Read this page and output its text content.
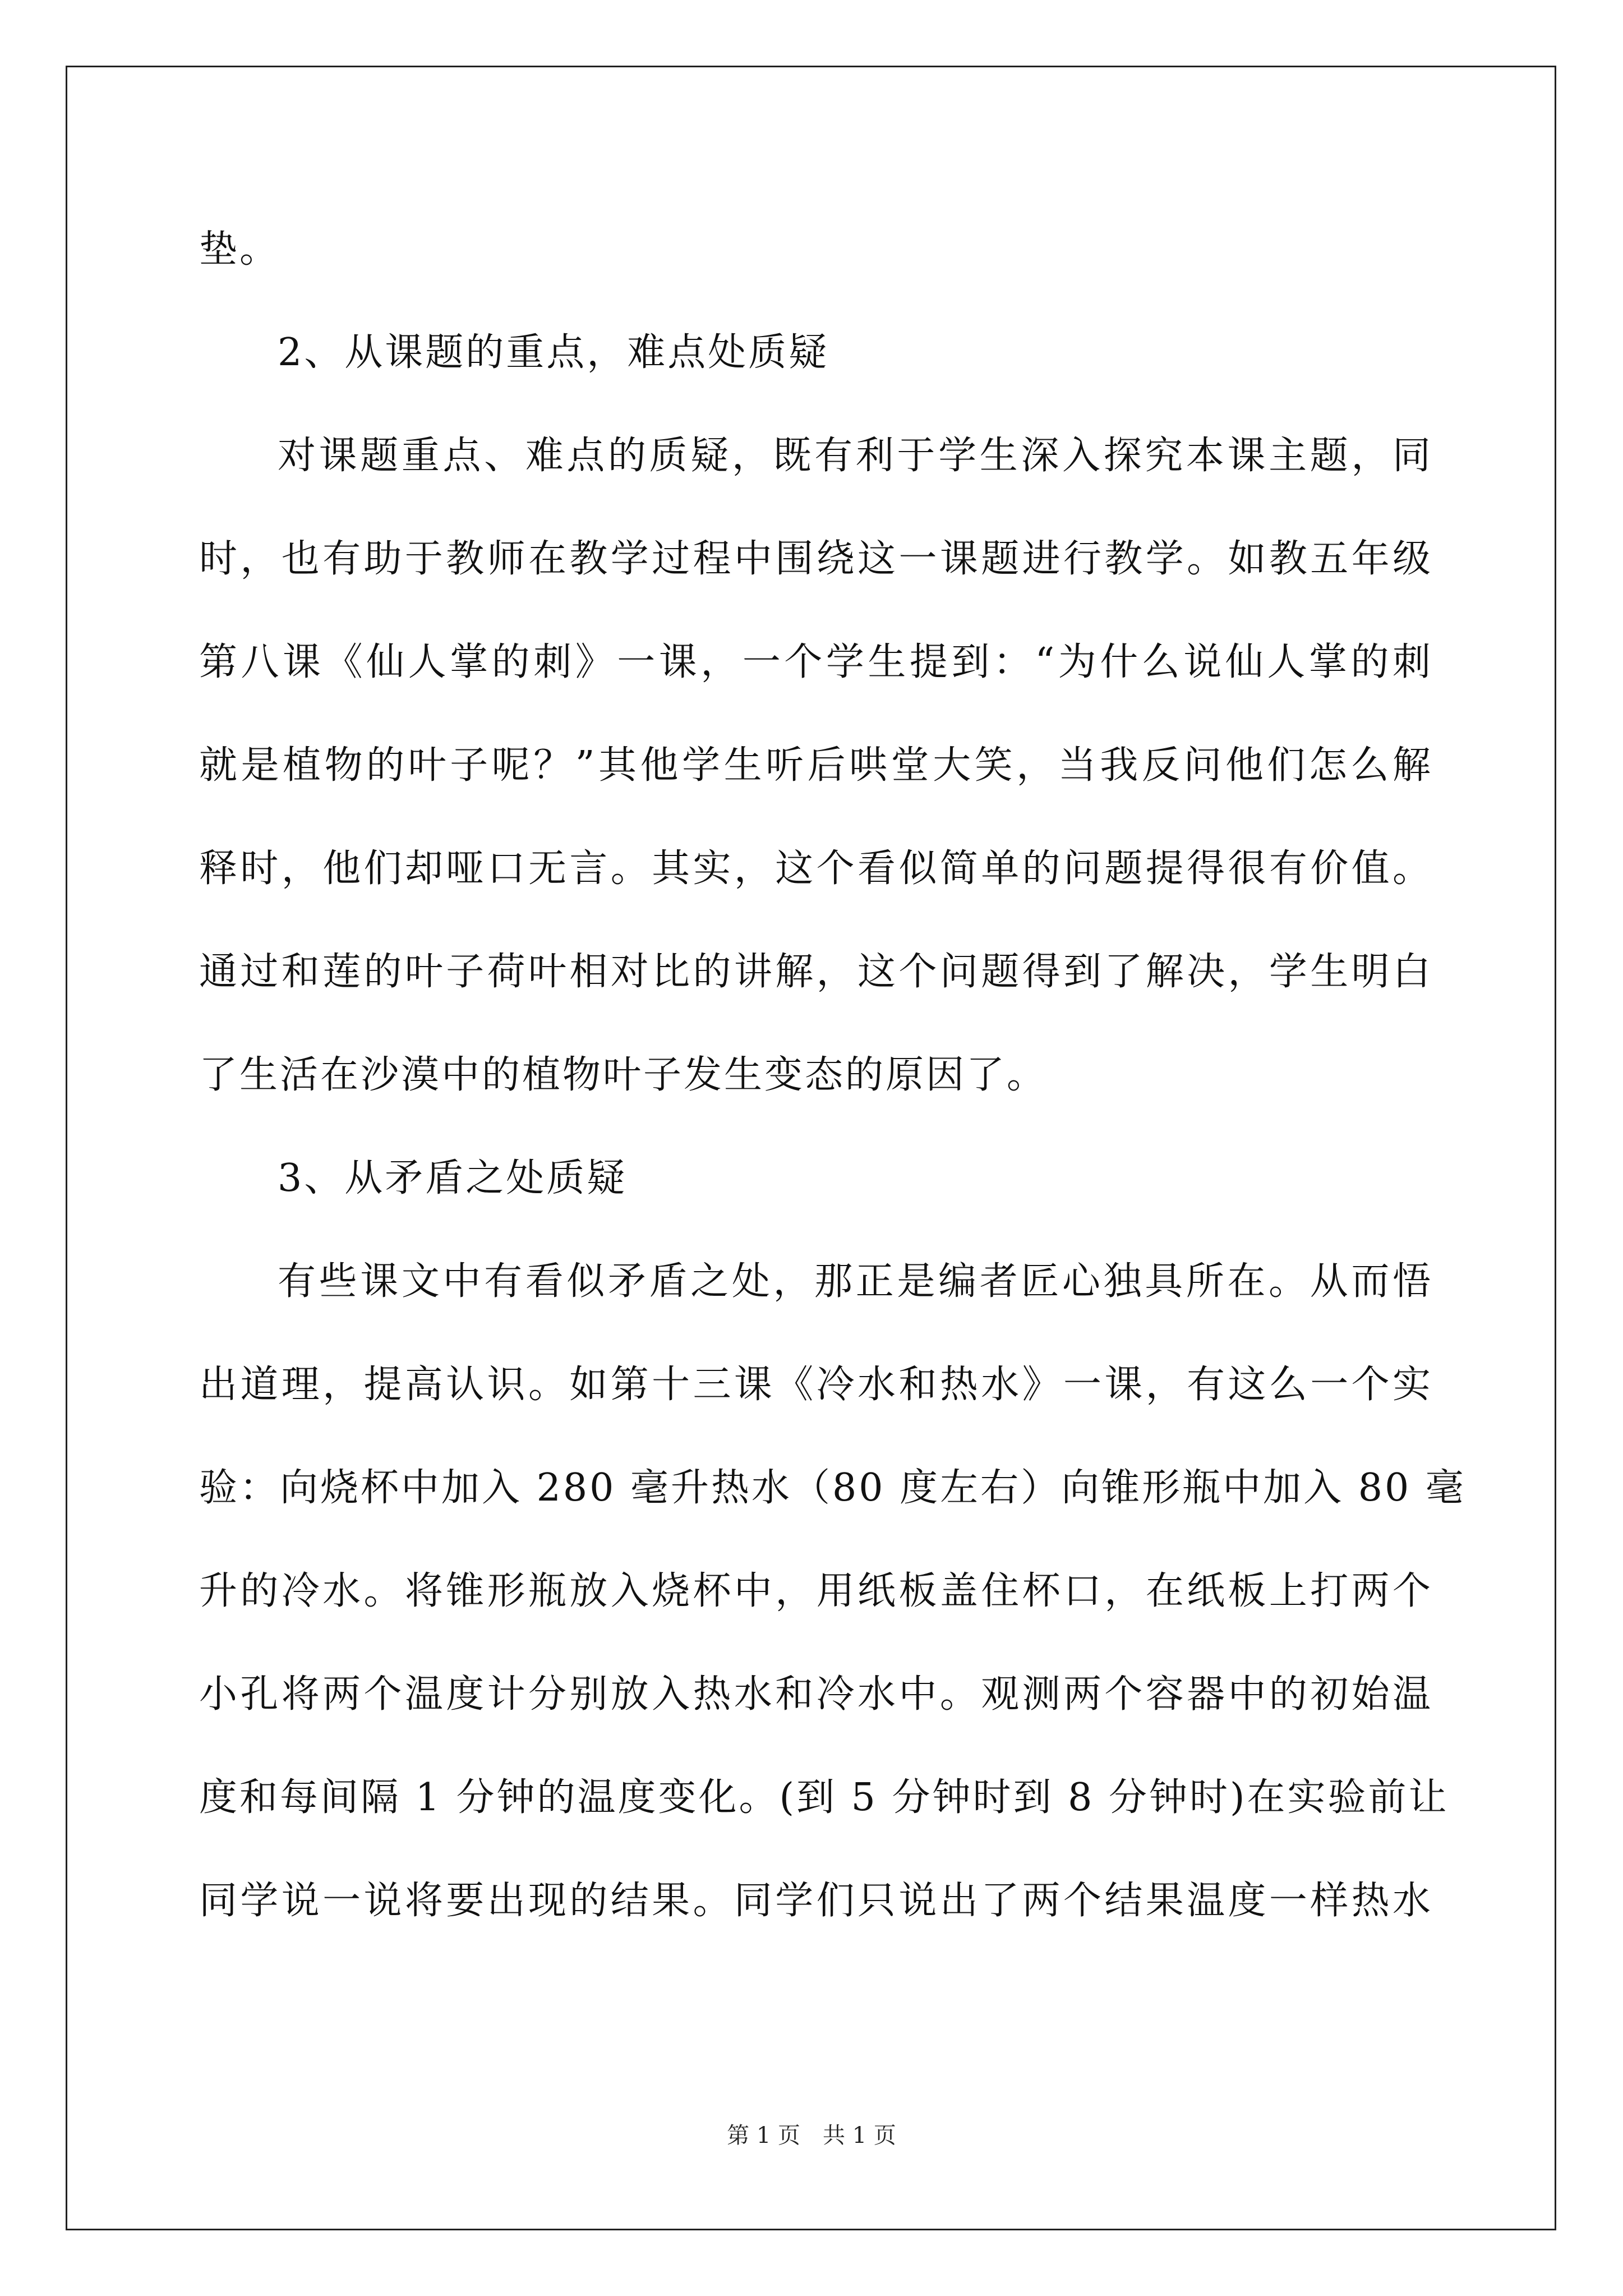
垫。
2、从课题的重点，难点处质疑
对课题重点、难点的质疑，既有利于学生深入探究本课主题，同
时，也有助于教师在教学过程中围绕这一课题进行教学。如教五年级
第八课《仙人掌的刺》一课，一个学生提到：“为什么说仙人掌的刺
就是植物的叶子呢？”其他学生听后哄堂大笑，当我反问他们怎么解
释时，他们却哑口无言。其实，这个看似简单的问题提得很有价值。
通过和莲的叶子荷叶相对比的讲解，这个问题得到了解决，学生明白
了生活在沙漠中的植物叶子发生变态的原因了。
3、从矛盾之处质疑
有些课文中有看似矛盾之处，那正是编者匠心独具所在。从而悟
出道理，提高认识。如第十三课《冷水和热水》一课，有这么一个实
验：向烧杯中加入 280 毫升热水（80 度左右）向锥形瓶中加入 80 毫
升的冷水。将锥形瓶放入烧杯中，用纸板盖住杯口，在纸板上打两个
小孔将两个温度计分别放入热水和冷水中。观测两个容器中的初始温
度和每间隔 1 分钟的温度变化。(到 5 分钟时到 8 分钟时)在实验前让
同学说一说将要出现的结果。同学们只说出了两个结果温度一样热水
第 1 页　共 1 页
